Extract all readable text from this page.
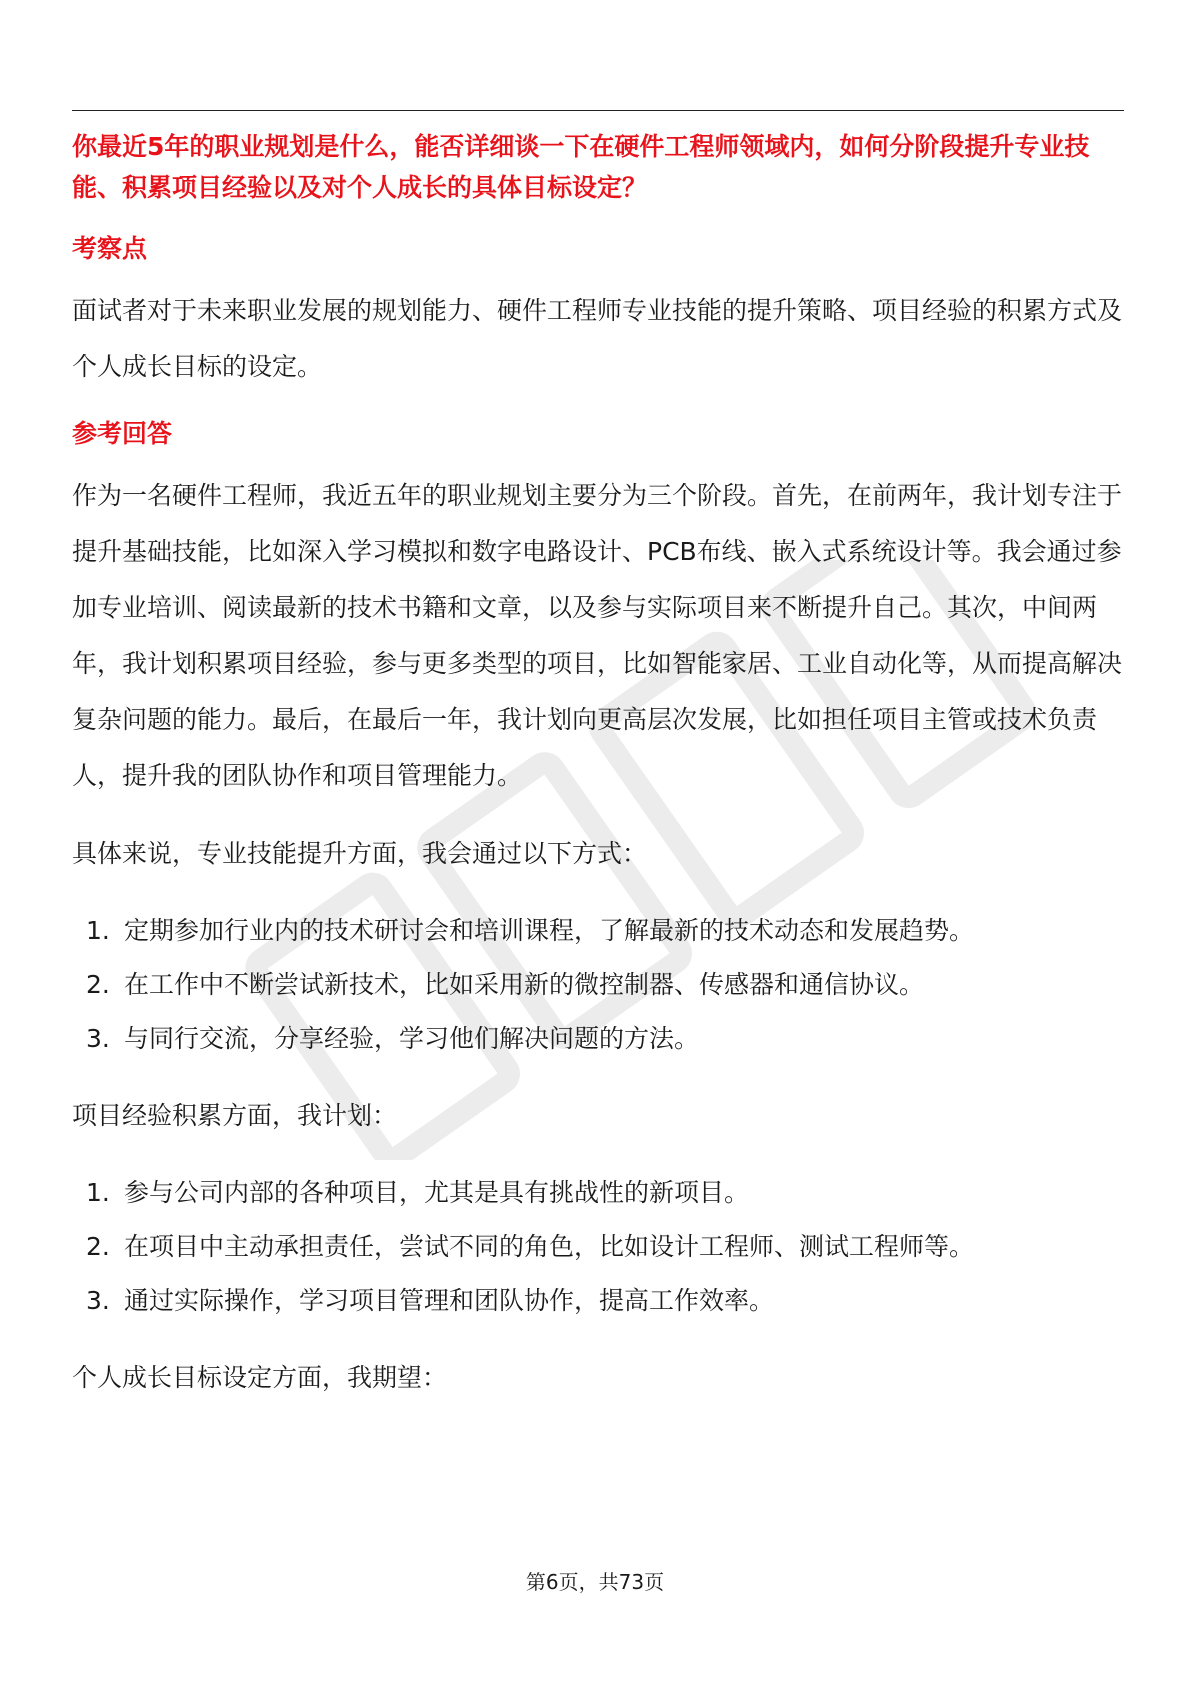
你最近5年的职业规划是什么，能否详细谈一下在硬件工程师领域内，如何分阶段提升专业技能、积累项目经验以及对个人成长的具体目标设定？

考察点

面试者对于未来职业发展的规划能力、硬件工程师专业技能的提升策略、项目经验的积累方式及个人成长目标的设定。

参考回答

作为一名硬件工程师，我近五年的职业规划主要分为三个阶段。首先，在前两年，我计划专注于提升基础技能，比如深入学习模拟和数字电路设计、PCB布线、嵌入式系统设计等。我会通过参加专业培训、阅读最新的技术书籍和文章，以及参与实际项目来不断提升自己。其次，中间两年，我计划积累项目经验，参与更多类型的项目，比如智能家居、工业自动化等，从而提高解决复杂问题的能力。最后，在最后一年，我计划向更高层次发展，比如担任项目主管或技术负责人，提升我的团队协作和项目管理能力。

具体来说，专业技能提升方面，我会通过以下方式：

1. 定期参加行业内的技术研讨会和培训课程，了解最新的技术动态和发展趋势。
2. 在工作中不断尝试新技术，比如采用新的微控制器、传感器和通信协议。
3. 与同行交流，分享经验，学习他们解决问题的方法。

项目经验积累方面，我计划：

1. 参与公司内部的各种项目，尤其是具有挑战性的新项目。
2. 在项目中主动承担责任，尝试不同的角色，比如设计工程师、测试工程师等。
3. 通过实际操作，学习项目管理和团队协作，提高工作效率。

个人成长目标设定方面，我期望：

第6页，共73页
